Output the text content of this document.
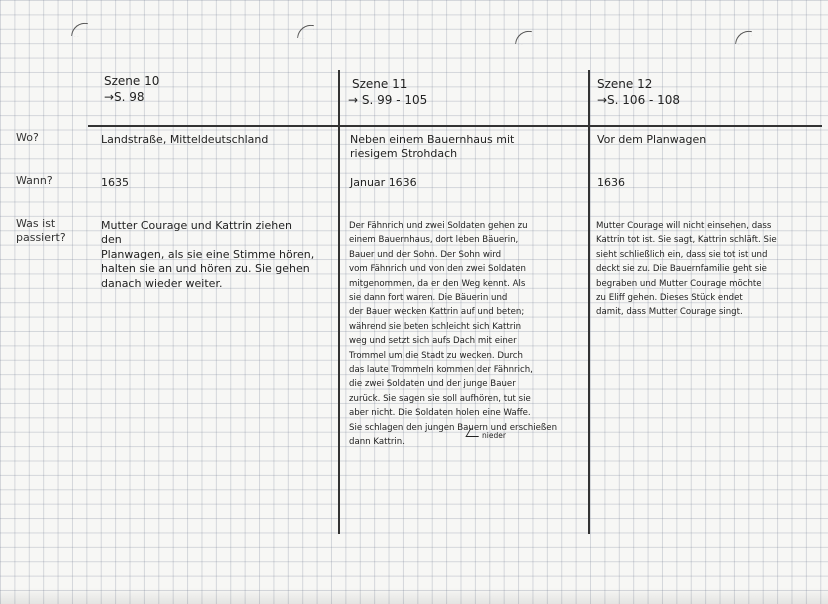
Wo?
Wann?
Was ist
passiert?
Szene 10
→S. 98
Landstraße, Mitteldeutschland
1635
Mutter Courage und Kattrin ziehen den
Planwagen, als sie eine Stimme hören,
halten sie an und hören zu. Sie gehen
danach wieder weiter.
Szene 11
→ S. 99 - 105
Neben einem Bauernhaus mit
riesigem Strohdach
Januar 1636
Der Fähnrich und zwei Soldaten gehen zu
einem Bauernhaus, dort leben Bäuerin,
Bauer und der Sohn. Der Sohn wird
vom Fähnrich und von den zwei Soldaten
mitgenommen, da er den Weg kennt. Als
sie dann fort waren. Die Bäuerin und
der Bauer wecken Kattrin auf und beten;
während sie beten schleicht sich Kattrin
weg und setzt sich aufs Dach mit einer
Trommel um die Stadt zu wecken. Durch
das laute Trommeln kommen der Fähnrich,
die zwei Soldaten und der junge Bauer
zurück. Sie sagen sie soll aufhören, tut sie
aber nicht. Die Soldaten holen eine Waffe.
Sie schlagen den jungen Bauern und erschießen
dann Kattrin.
nieder
Szene 12
→S. 106 - 108
Vor dem Planwagen
1636
Mutter Courage will nicht einsehen, dass
Kattrin tot ist. Sie sagt, Kattrin schläft. Sie
sieht schließlich ein, dass sie tot ist und
deckt sie zu. Die Bauernfamilie geht sie
begraben und Mutter Courage möchte
zu Eliff gehen. Dieses Stück endet
damit, dass Mutter Courage singt.
